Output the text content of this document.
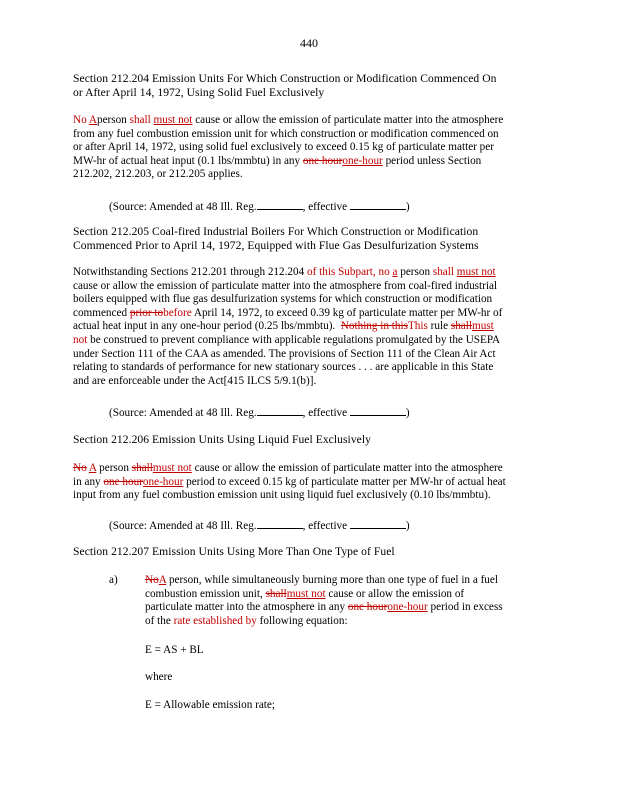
440
Section 212.204 Emission Units For Which Construction or Modification Commenced On
or After April 14, 1972, Using Solid Fuel Exclusively
No Aperson shall must not cause or allow the emission of particulate matter into the atmosphere
from any fuel combustion emission unit for which construction or modification commenced on
or after April 14, 1972, using solid fuel exclusively to exceed 0.15 kg of particulate matter per
MW-hr of actual heat input (0.1 lbs/mmbtu) in any one hourone-hour period unless Section
212.202, 212.203, or 212.205 applies.
(Source: Amended at 48 Ill. Reg.	, effective	)
Section 212.205 Coal-fired Industrial Boilers For Which Construction or Modification
Commenced Prior to April 14, 1972, Equipped with Flue Gas Desulfurization Systems
Notwithstanding Sections 212.201 through 212.204 of this Subpart, no a person shall must not
cause or allow the emission of particulate matter into the atmosphere from coal-fired industrial
boilers equipped with flue gas desulfurization systems for which construction or modification
commenced prior tobefore April 14, 1972, to exceed 0.39 kg of particulate matter per MW-hr of
actual heat input in any one-hour period (0.25 lbs/mmbtu). Nothing in thisThis rule shallmust
not be construed to prevent compliance with applicable regulations promulgated by the USEPA
under Section 111 of the CAA as amended. The provisions of Section 111 of the Clean Air Act
relating to standards of performance for new stationary sources . . . are applicable in this State
and are enforceable under the Act[415 ILCS 5/9.1(b)].
(Source: Amended at 48 Ill. Reg.	, effective	)
Section 212.206 Emission Units Using Liquid Fuel Exclusively
No A person shallmust not cause or allow the emission of particulate matter into the atmosphere
in any one hourone-hour period to exceed 0.15 kg of particulate matter per MW-hr of actual heat
input from any fuel combustion emission unit using liquid fuel exclusively (0.10 lbs/mmbtu).
(Source: Amended at 48 Ill. Reg.	, effective	)
Section 212.207 Emission Units Using More Than One Type of Fuel
a) NoA person, while simultaneously burning more than one type of fuel in a fuel
combustion emission unit, shallmust not cause or allow the emission of
particulate matter into the atmosphere in any one hourone-hour period in excess
of the rate established by following equation:
E = AS + BL
where
E = Allowable emission rate;
